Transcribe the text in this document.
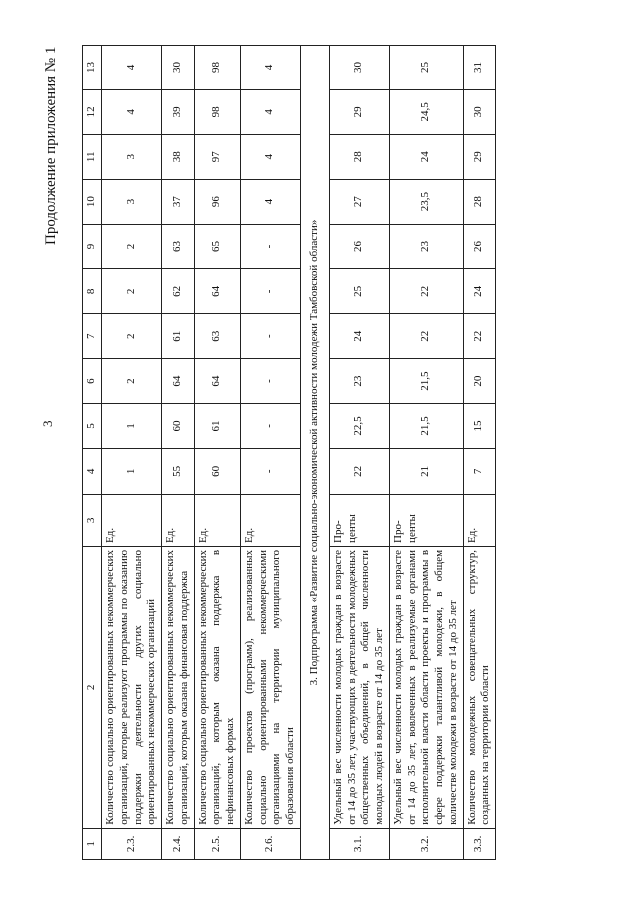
3
Продолжение приложения № 1
1	2	3	4	5	6	7	8	9	10	11	12	13
2.3.	Количество социально ориентированных некоммерческих организаций, которые реализуют программы по оказанию поддержки деятельности других социально ориентированных некоммерческих организаций	Ед.	1	1	2	2	2	2	3	3	4	4
2.4.	Количество социально ориентированных некоммерческих организаций, которым оказана финансовая поддержка	Ед.	55	60	64	61	62	63	37	38	39	30
2.5.	Количество социально ориентированных некоммерческих организаций, которым оказана поддержка в нефинансовых формах	Ед.	60	61	64	63	64	65	96	97	98	98
2.6.	Количество проектов (программ), реализованных социально ориентированными некоммерческими организациями на территории муниципального образования области	Ед.	-	-	-	-	-	-	4	4	4	4
3. Подпрограмма «Развитие социально-экономической активности молодежи Тамбовской области»												
3.1.	Удельный вес численности молодых граждан в возрасте от 14 до 35 лет, участвующих в деятельности молодежных общественных объединений, в общей численности молодых людей в возрасте от 14 до 35 лет	Про-центы	22	22,5	23	24	25	26	27	28	29	30
3.2.	Удельный вес численности молодых граждан в возрасте от 14 до 35 лет, вовлеченных в реализуемые органами исполнительной власти области проекты и программы в сфере поддержки талантливой молодежи, в общем количестве молодежи в возрасте от 14 до 35 лет	Про-центы	21	21,5	21,5	22	22	23	23,5	24	24,5	25
3.3.	Количество молодежных совещательных структур, созданных на территории области	Ед.	7	15	20	22	24	26	28	29	30	31
